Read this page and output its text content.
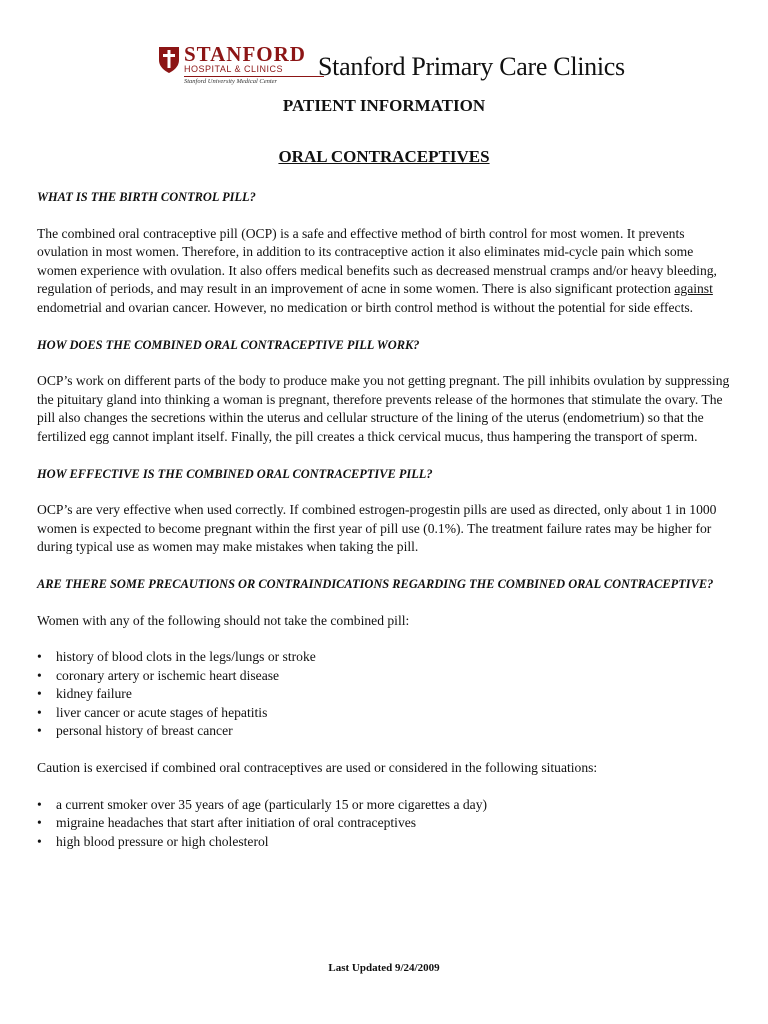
STANFORD
HOSPITAL & CLINICS
Stanford University Medical Center
Stanford Primary Care Clinics
PATIENT INFORMATION
ORAL CONTRACEPTIVES

WHAT IS THE BIRTH CONTROL PILL?

The combined oral contraceptive pill (OCP) is a safe and effective method of birth control for most women. It prevents ovulation in most women. Therefore, in addition to its contraceptive action it also eliminates mid-cycle pain which some women experience with ovulation. It also offers medical benefits such as decreased menstrual cramps and/or heavy bleeding, regulation of periods, and may result in an improvement of acne in some women. There is also significant protection against endometrial and ovarian cancer. However, no medication or birth control method is without the potential for side effects.

HOW DOES THE COMBINED ORAL CONTRACEPTIVE PILL WORK?

OCP’s work on different parts of the body to produce make you not getting pregnant. The pill inhibits ovulation by suppressing the pituitary gland into thinking a woman is pregnant, therefore prevents release of the hormones that stimulate the ovary. The pill also changes the secretions within the uterus and cellular structure of the lining of the uterus (endometrium) so that the fertilized egg cannot implant itself. Finally, the pill creates a thick cervical mucus, thus hampering the transport of sperm.

HOW EFFECTIVE IS THE COMBINED ORAL CONTRACEPTIVE PILL?

OCP’s are very effective when used correctly. If combined estrogen-progestin pills are used as directed, only about 1 in 1000 women is expected to become pregnant within the first year of pill use (0.1%). The treatment failure rates may be higher for during typical use as women may make mistakes when taking the pill.

ARE THERE SOME PRECAUTIONS OR CONTRAINDICATIONS REGARDING THE COMBINED ORAL CONTRACEPTIVE?

Women with any of the following should not take the combined pill:

• history of blood clots in the legs/lungs or stroke
• coronary artery or ischemic heart disease
• kidney failure
• liver cancer or acute stages of hepatitis
• personal history of breast cancer

Caution is exercised if combined oral contraceptives are used or considered in the following situations:

• a current smoker over 35 years of age (particularly 15 or more cigarettes a day)
• migraine headaches that start after initiation of oral contraceptives
• high blood pressure or high cholesterol
Last Updated 9/24/2009
